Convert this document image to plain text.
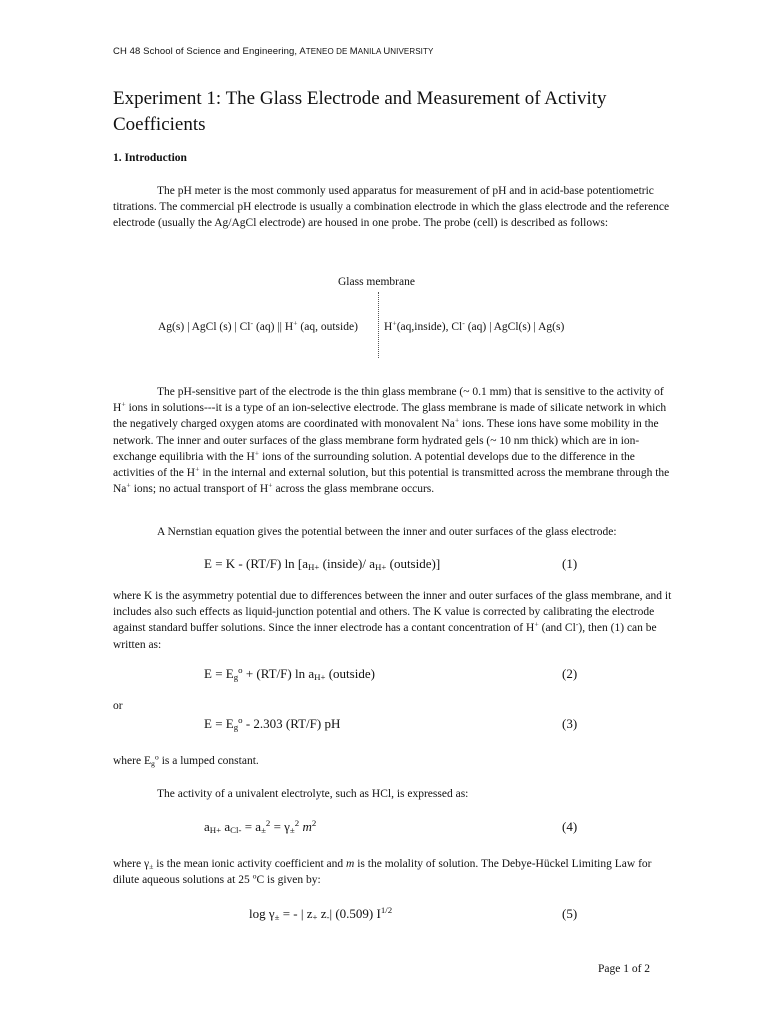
CH 48 School of Science and Engineering, ATENEO DE MANILA UNIVERSITY
Experiment 1: The Glass Electrode and Measurement of Activity Coefficients
1. Introduction
The pH meter is the most commonly used apparatus for measurement of pH and in acid-base potentiometric titrations. The commercial pH electrode is usually a combination electrode in which the glass electrode and the reference electrode (usually the Ag/AgCl electrode) are housed in one probe. The probe (cell) is described as follows:
Glass membrane
Ag(s) | AgCl (s) | Cl- (aq) || H+ (aq, outside) H+(aq,inside), Cl- (aq) | AgCl(s) | Ag(s)
The pH-sensitive part of the electrode is the thin glass membrane (~ 0.1 mm) that is sensitive to the activity of H+ ions in solutions---it is a type of an ion-selective electrode. The glass membrane is made of silicate network in which the negatively charged oxygen atoms are coordinated with monovalent Na+ ions. These ions have some mobility in the network. The inner and outer surfaces of the glass membrane form hydrated gels (~ 10 nm thick) which are in ion-exchange equilibria with the H+ ions of the surrounding solution. A potential develops due to the difference in the activities of the H+ in the internal and external solution, but this potential is transmitted across the membrane through the Na+ ions; no actual transport of H+ across the glass membrane occurs.
A Nernstian equation gives the potential between the inner and outer surfaces of the glass electrode:
E = K - (RT/F) $\ln [a_{H+}$ (inside)/ $a_{H+}$ (outside)]	(1)
where K is the asymmetry potential due to differences between the inner and outer surfaces of the glass membrane, and it includes also such effects as liquid-junction potential and others. The K value is corrected by calibrating the electrode against standard buffer solutions. Since the inner electrode has a contant concentration of H+ (and Cl-), then (1) can be written as:
$E = E_g^o + (RT/F)$ $\ln a_{H+}$ (outside)	(2)
or
$E = E_g^o - 2.303$ (RT/F) pH	(3)
where $E_g^o$ is a lumped constant.
The activity of a univalent electrolyte, such as HCl, is expressed as:
$a_{H+}$ $a_{Cl-} = a_\pm^2 = \gamma_\pm^2$ $m^2$	(4)
where $\gamma_\pm$ is the mean ionic activity coefficient and m is the molality of solution. The Debye-Hückel Limiting Law for dilute aqueous solutions at 25 $^o$C is given by:
$\log \gamma_\pm$ = - | $z_+$ $z_-|$ (0.509) $I^{1/2}$	(5)
Page 1 of 2
